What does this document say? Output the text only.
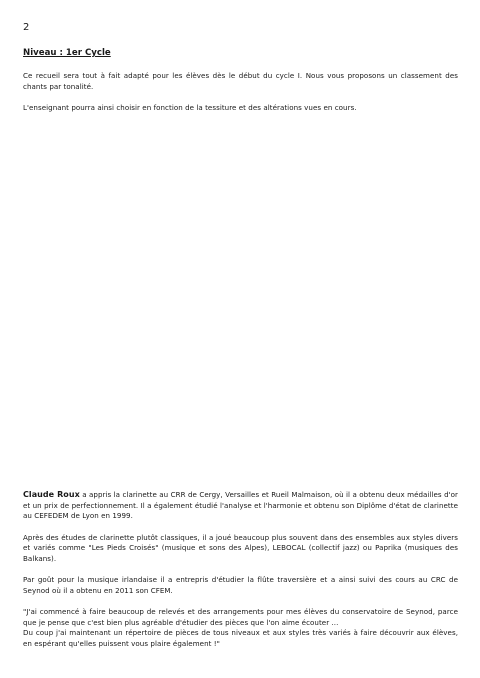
2
Niveau : 1er Cycle

Ce recueil sera tout à fait adapté pour les élèves dès le début du cycle I. Nous vous proposons un classement des chants par tonalité.

L'enseignant pourra ainsi choisir en fonction de la tessiture et des altérations vues en cours.

Claude Roux a appris la clarinette au CRR de Cergy, Versailles et Rueil Malmaison, où il a obtenu deux médailles d'or et un prix de perfectionnement. Il a également étudié l'analyse et l'harmonie et obtenu son Diplôme d'état de clarinette au CEFEDEM de Lyon en 1999.

Après des études de clarinette plutôt classiques, il a joué beaucoup plus souvent dans des ensembles aux styles divers et variés comme "Les Pieds Croisés" (musique et sons des Alpes), LEBOCAL (collectif jazz) ou Paprika (musiques des Balkans).

Par goût pour la musique irlandaise il a entrepris d'étudier la flûte traversière et a ainsi suivi des cours au CRC de Seynod où il a obtenu en 2011 son CFEM.

"J'ai commencé à faire beaucoup de relevés et des arrangements pour mes élèves du conservatoire de Seynod, parce que je pense que c'est bien plus agréable d'étudier des pièces que l'on aime écouter ...

Du coup j'ai maintenant un répertoire de pièces de tous niveaux et aux styles très variés à faire découvrir aux élèves, en espérant qu'elles puissent vous plaire également !"
